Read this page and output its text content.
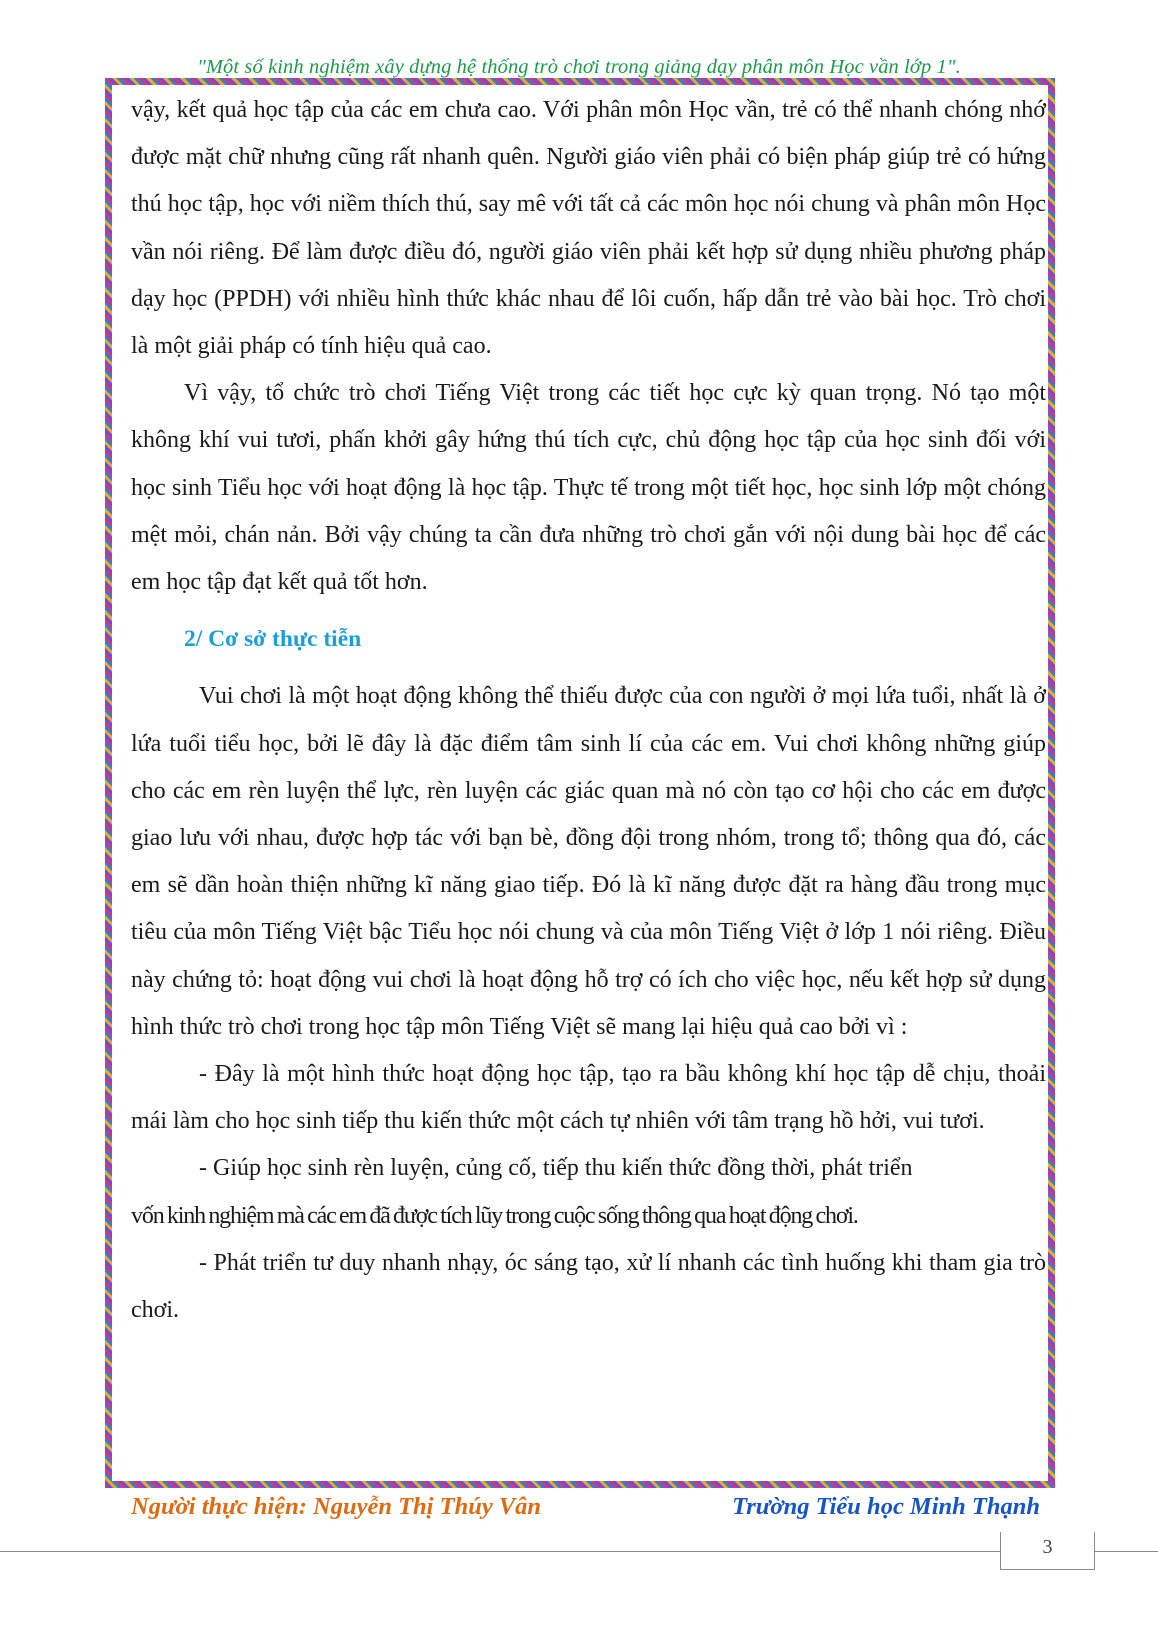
"Một số kinh nghiệm xây dựng hệ thống trò chơi trong giảng dạy phân môn Học vần lớp 1".

vậy, kết quả học tập của các em chưa cao. Với phân môn Học vần, trẻ có thể nhanh chóng nhớ được mặt chữ nhưng cũng rất nhanh quên. Người giáo viên phải có biện pháp giúp trẻ có hứng thú học tập, học với niềm thích thú, say mê với tất cả các môn học nói chung và phân môn Học vần nói riêng. Để làm được điều đó, người giáo viên phải kết hợp sử dụng nhiều phương pháp dạy học (PPDH) với nhiều hình thức khác nhau để lôi cuốn, hấp dẫn trẻ vào bài học. Trò chơi là một giải pháp có tính hiệu quả cao.

Vì vậy, tổ chức trò chơi Tiếng Việt trong các tiết học cực kỳ quan trọng. Nó tạo một không khí vui tươi, phấn khởi gây hứng thú tích cực, chủ động học tập của học sinh đối với học sinh Tiểu học với hoạt động là học tập. Thực tế trong một tiết học, học sinh lớp một chóng mệt mỏi, chán nản. Bởi vậy chúng ta cần đưa những trò chơi gắn với nội dung bài học để các em học tập đạt kết quả tốt hơn.

2/ Cơ sở thực tiễn

Vui chơi là một hoạt động không thể thiếu được của con người ở mọi lứa tuổi, nhất là ở lứa tuổi tiểu học, bởi lẽ đây là đặc điểm tâm sinh lí của các em. Vui chơi không những giúp cho các em rèn luyện thể lực, rèn luyện các giác quan mà nó còn tạo cơ hội cho các em được giao lưu với nhau, được hợp tác với bạn bè, đồng đội trong nhóm, trong tổ; thông qua đó, các em sẽ dần hoàn thiện những kĩ năng giao tiếp. Đó là kĩ năng được đặt ra hàng đầu trong mục tiêu của môn Tiếng Việt bậc Tiểu học nói chung và của môn Tiếng Việt ở lớp 1 nói riêng. Điều này chứng tỏ: hoạt động vui chơi là hoạt động hỗ trợ có ích cho việc học, nếu kết hợp sử dụng hình thức trò chơi trong học tập môn Tiếng Việt sẽ mang lại hiệu quả cao bởi vì :

- Đây là một hình thức hoạt động học tập, tạo ra bầu không khí học tập dễ chịu, thoải mái làm cho học sinh tiếp thu kiến thức một cách tự nhiên với tâm trạng hồ hởi, vui tươi.

- Giúp học sinh rèn luyện, củng cố, tiếp thu kiến thức đồng thời, phát triển

vốn kinh nghiệm mà các em đã được tích lũy trong cuộc sống thông qua hoạt động chơi.

- Phát triển tư duy nhanh nhạy, óc sáng tạo, xử lí nhanh các tình huống khi tham gia trò chơi.

Người thực hiện: Nguyễn Thị Thúy Vân	Trường Tiểu học Minh Thạnh
3
